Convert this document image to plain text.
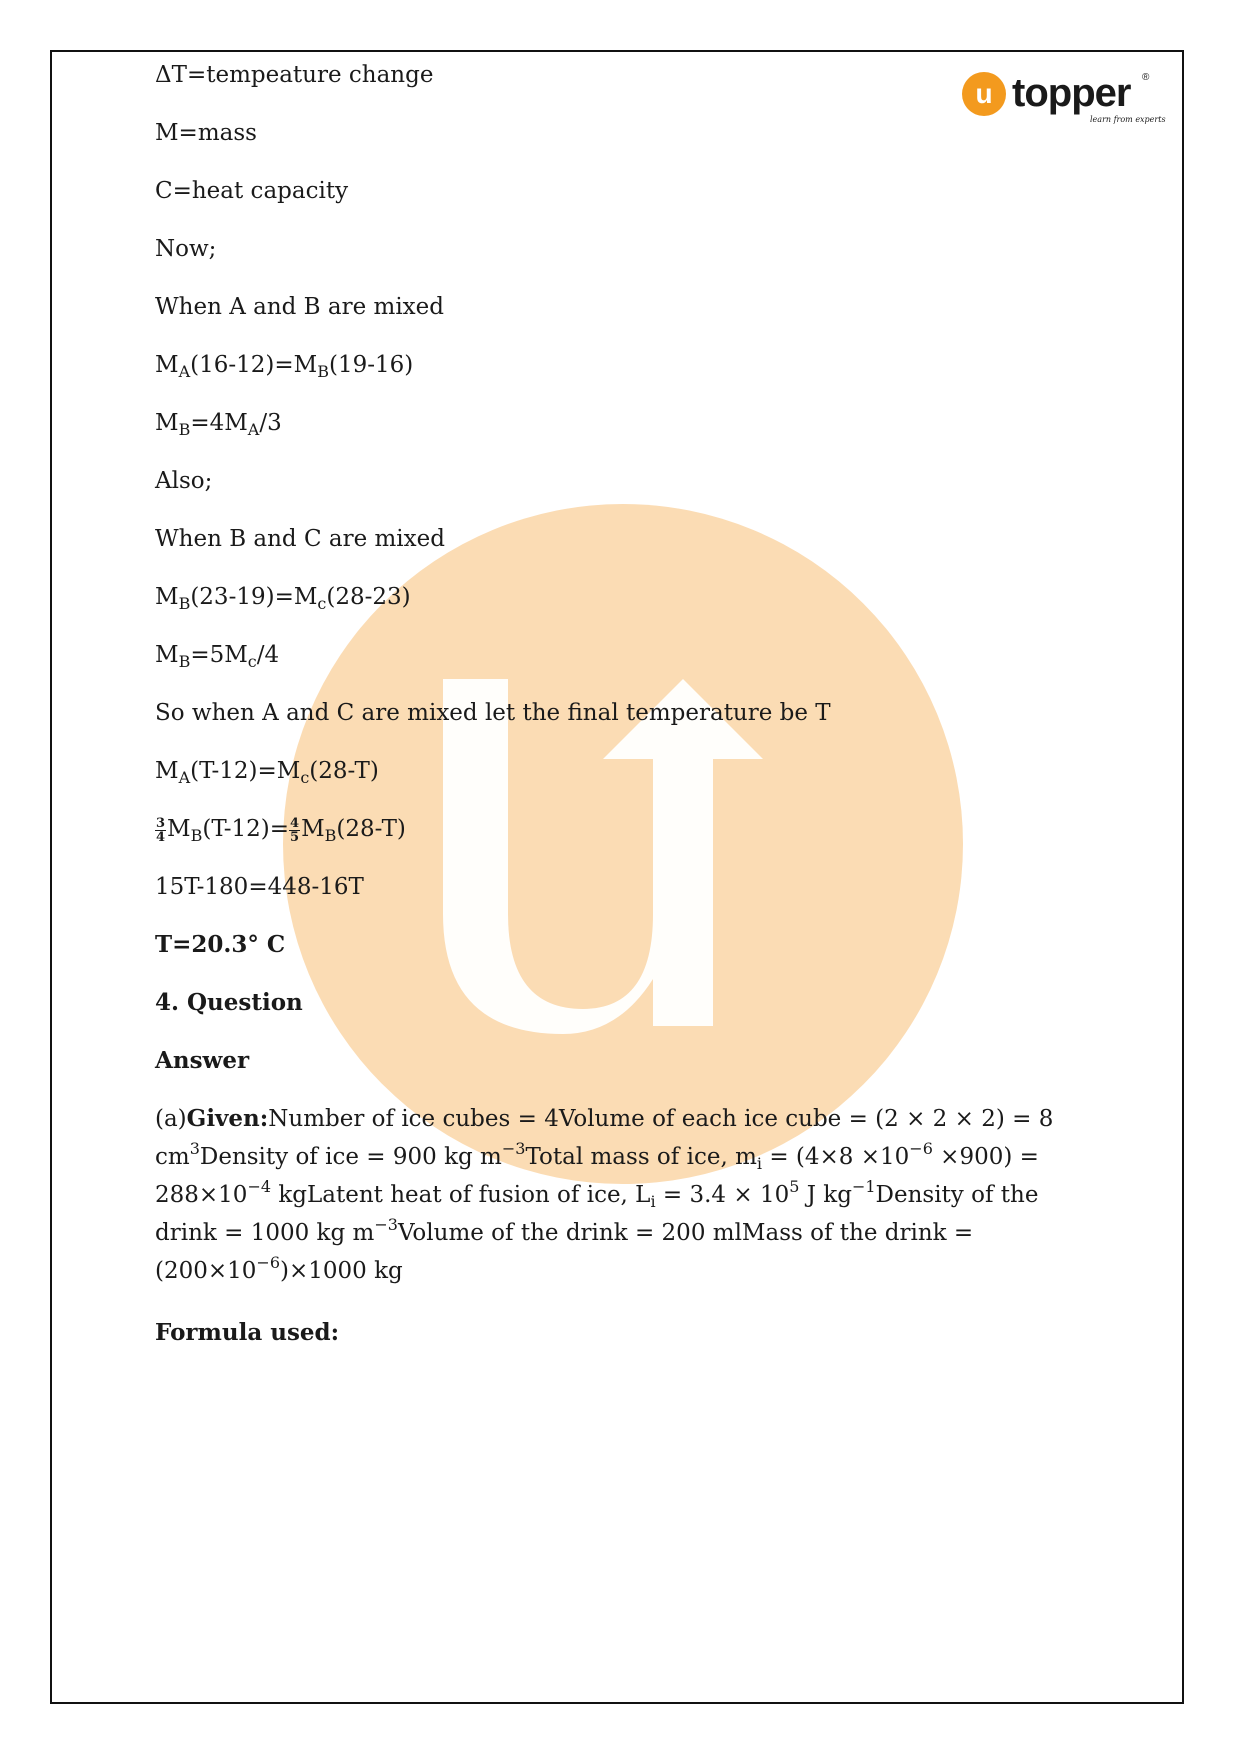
u topper ®
learn from experts
ΔT=tempeature change
M=mass
C=heat capacity
Now;
When A and B are mixed
$M_A(16-12)=M_B(19-16)$
$M_B=4M_A/3$
Also;
When B and C are mixed
$M_B(23-19)=M_c(28-23)$
$M_B=5M_c/4$
So when A and C are mixed let the final temperature be T
$M_A(T-12)=M_c(28-T)$
$\frac{3}{4} M_B(T-12)= \frac{4}{5} M_B(28-T)$
15T-180=448-16T
T=20.3° C
4. Question
Answer
(a)Given:Number of ice cubes = 4Volume of each ice cube = (2 × 2 × 2) = 8 $cm^3Density$ of ice = 900 kg $m^{-3}Total$ mass of ice, $m_i = (4\times 8 \times 10^{-6} \times 900) = 288\times 10^{-4}$ kgLatent heat of fusion of ice, $L_i = 3.4 \times 10^5$ J $kg^{-1}Density$ of the drink = 1000 kg $m^{-3}Volume$ of the drink = 200 mlMass of the drink = $(200\times 10^{-6})\times 1000$ kg
Formula used:
